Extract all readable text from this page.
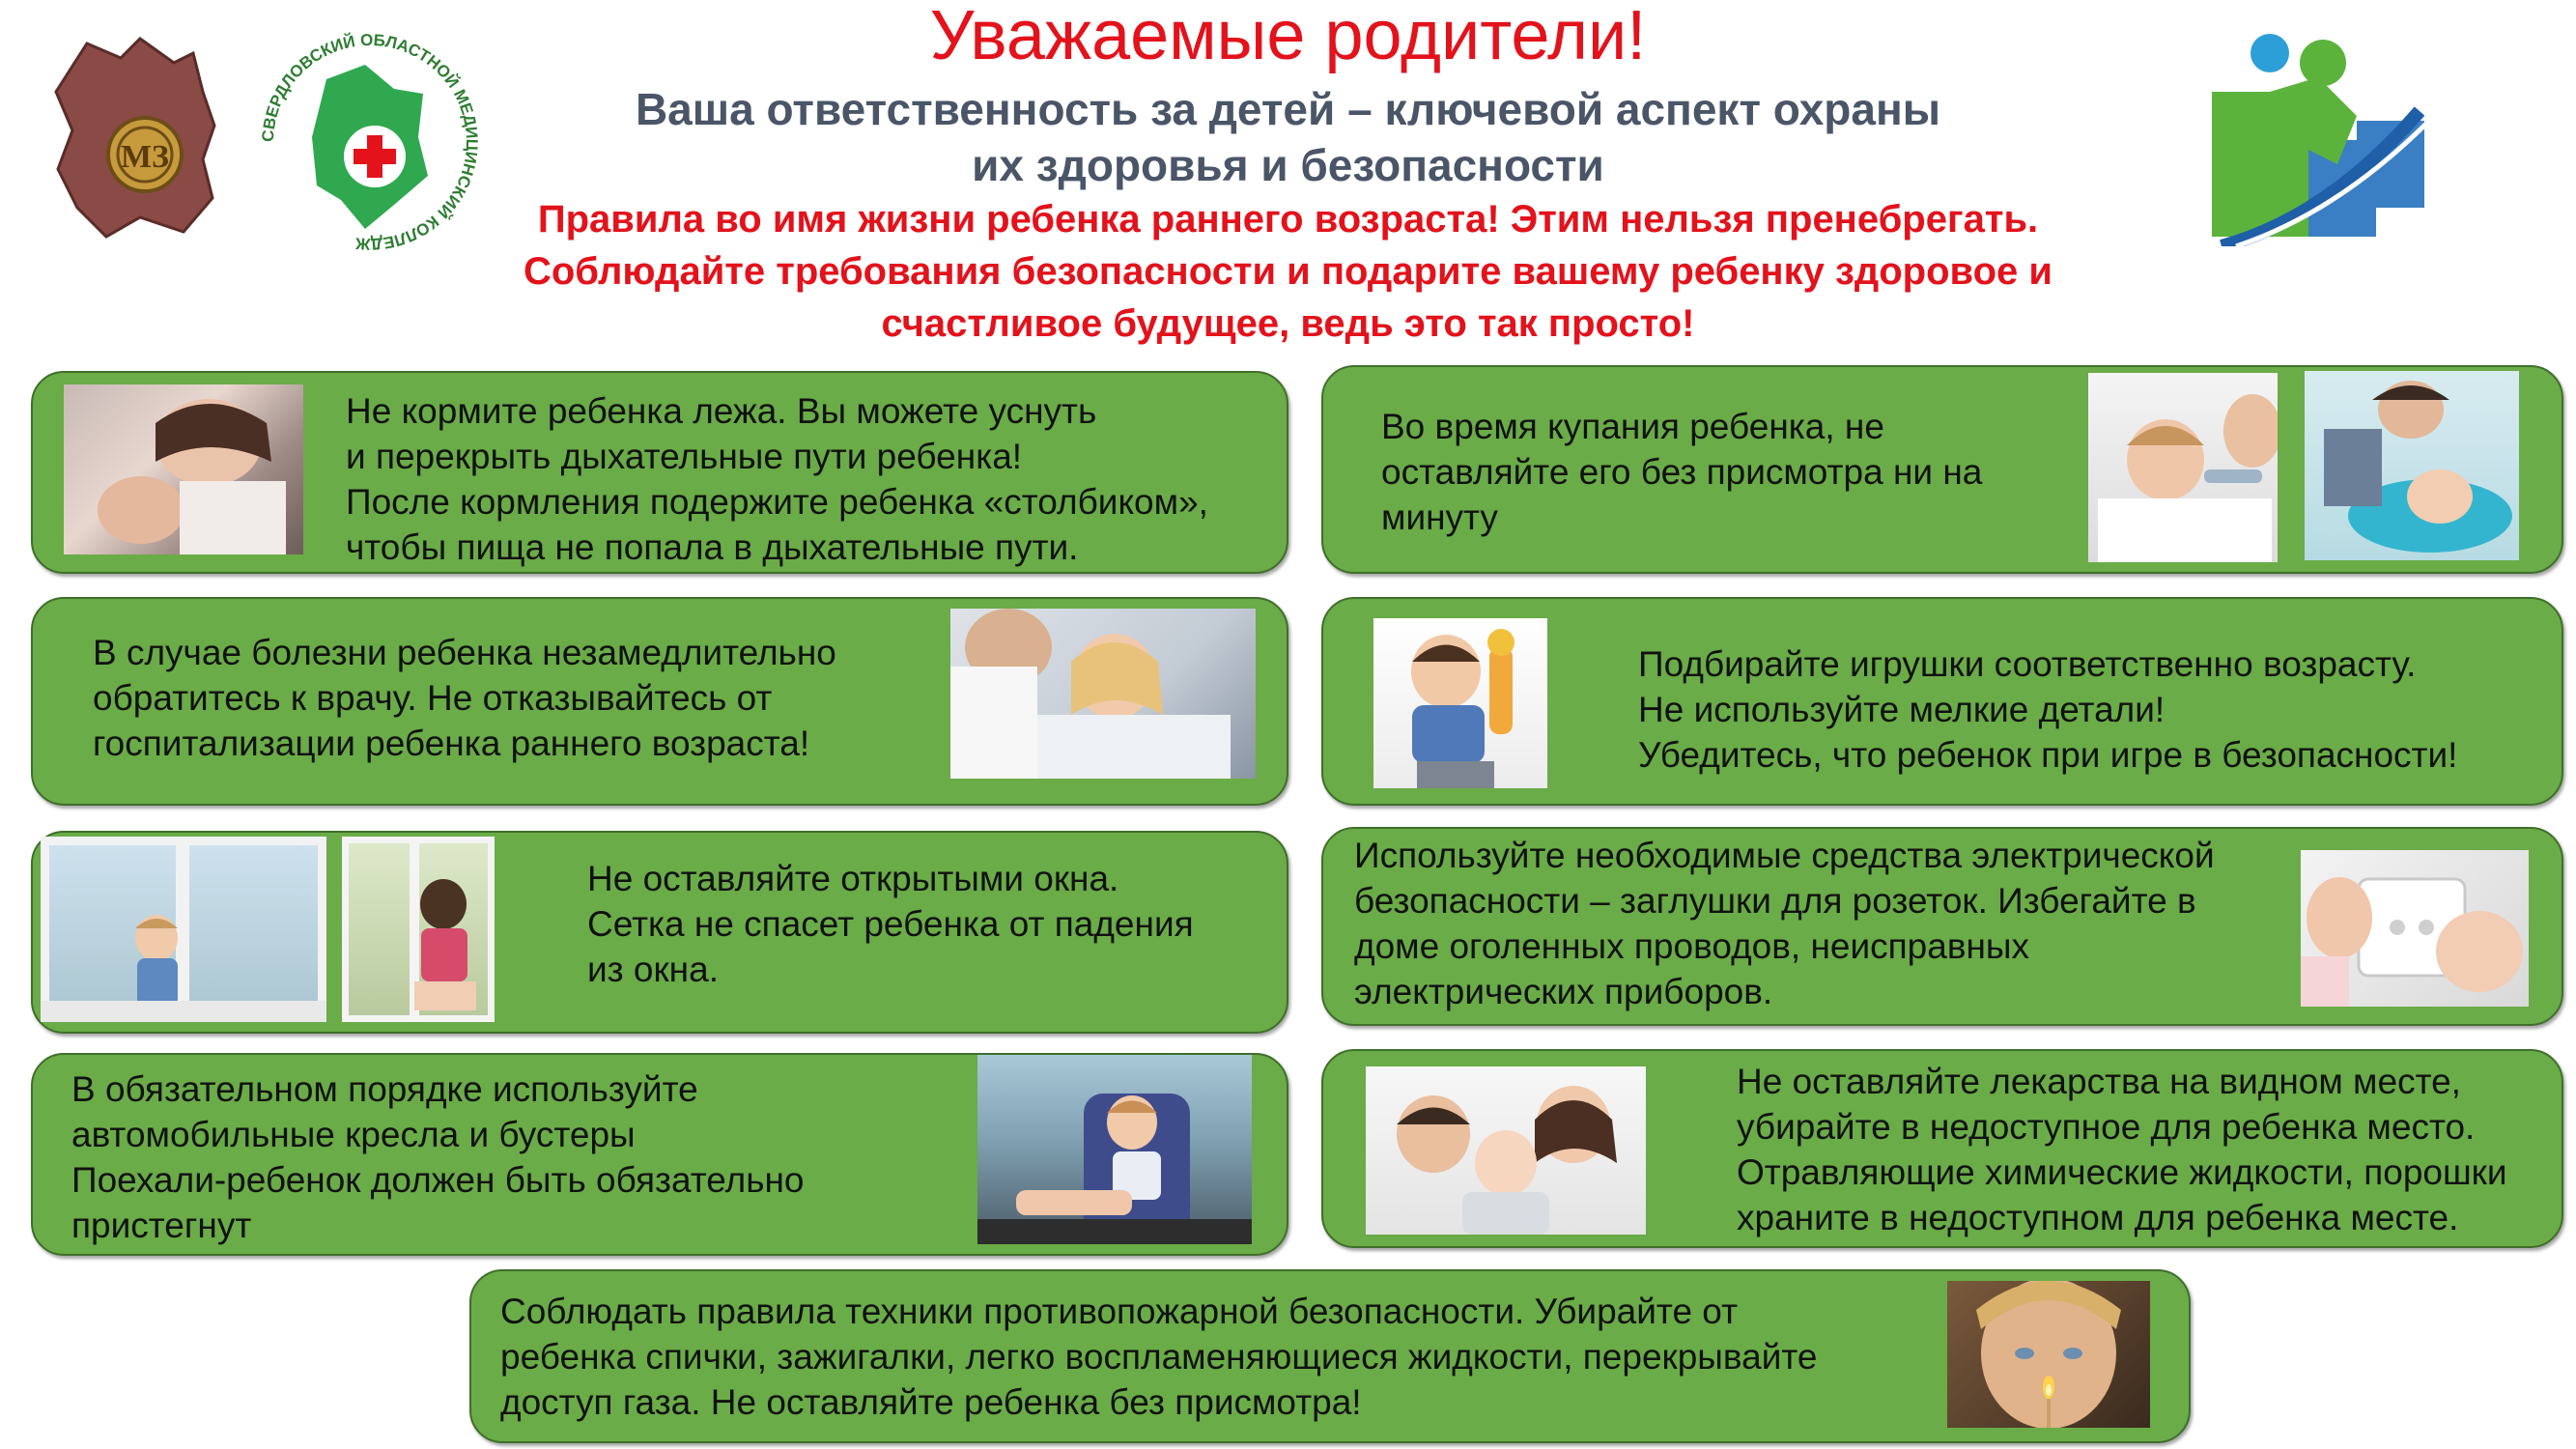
Уважаемые родители!
Ваша ответственность за детей – ключевой аспект охраны
их здоровья и безопасности
Правила во имя жизни ребенка раннего возраста! Этим нельзя пренебрегать.
Соблюдайте требования безопасности и подарите вашему ребенку здоровое и
счастливое будущее, ведь это так просто!
МЗ
СВЕРДЛОВСКИЙ ОБЛАСТНОЙ МЕДИЦИНСКИЙ КОЛЛЕДЖ
Не кормите ребенка лежа. Вы можете уснуть
и перекрыть дыхательные пути ребенка!
После кормления подержите ребенка «столбиком»,
чтобы пища не попала в дыхательные пути.
Во время купания ребенка, не
оставляйте его без присмотра ни на
минуту
В случае болезни ребенка незамедлительно
обратитесь к врачу. Не отказывайтесь от
госпитализации ребенка раннего возраста!
Подбирайте игрушки соответственно возрасту.
Не используйте мелкие детали!
Убедитесь, что ребенок при игре в безопасности!
Не оставляйте открытыми окна.
Сетка не спасет ребенка от падения
из окна.
Используйте необходимые средства электрической
безопасности – заглушки для розеток. Избегайте в
доме оголенных проводов, неисправных
электрических приборов.
В обязательном порядке используйте
автомобильные кресла и бустеры
Поехали-ребенок должен быть обязательно
пристегнут
Не оставляйте лекарства на видном месте,
убирайте в недоступное для ребенка место.
Отравляющие химические жидкости, порошки
храните в недоступном для ребенка месте.
Соблюдать правила техники противопожарной безопасности. Убирайте от
ребенка спички, зажигалки, легко воспламеняющиеся жидкости, перекрывайте
доступ газа. Не оставляйте ребенка без присмотра!
